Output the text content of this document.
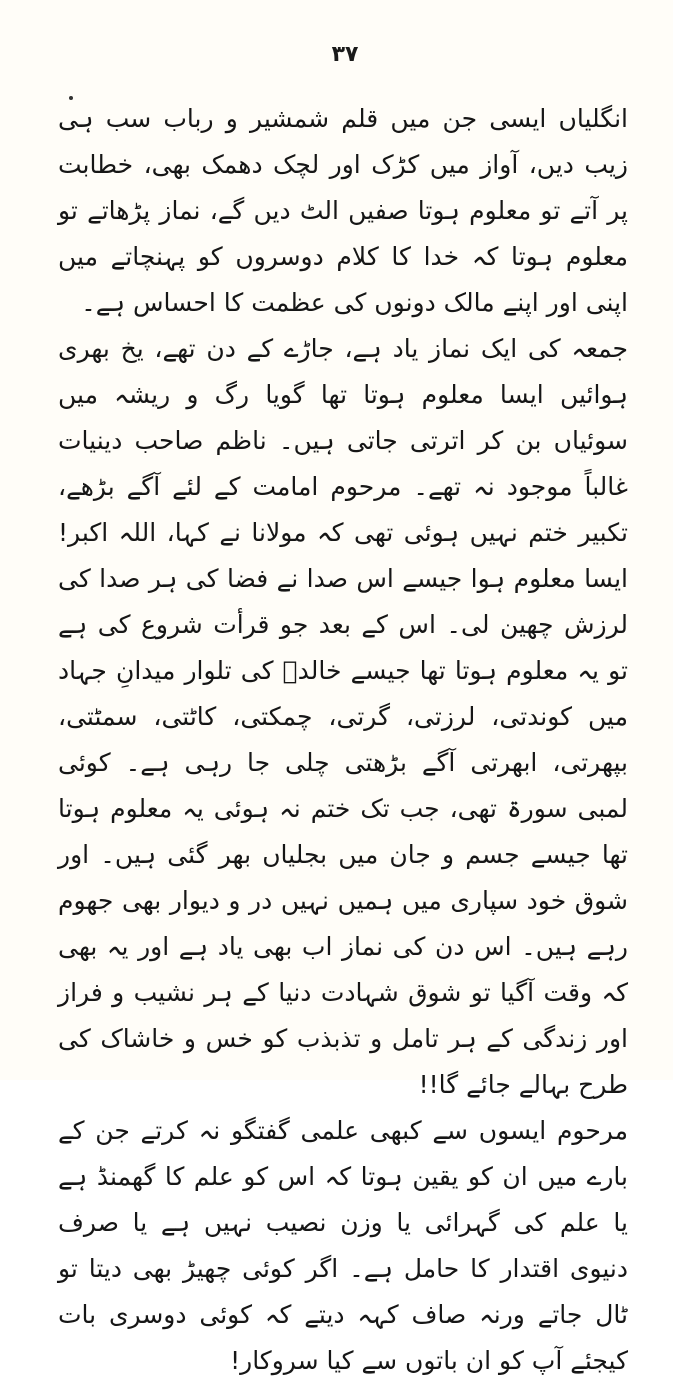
۳۷

انگلیاں ایسی جن میں قلم شمشیر و رباب سب ہی زیب دیں، آواز میں کڑک اور لچک دھمک بھی، خطابت پر آتے تو معلوم ہوتا صفیں الٹ دیں گے، نماز پڑھاتے تو معلوم ہوتا کہ خدا کا کلام دوسروں کو پہنچاتے میں اپنی اور اپنے مالک دونوں کی عظمت کا احساس ہے۔

جمعہ کی ایک نماز یاد ہے، جاڑے کے دن تھے، یخ بھری ہوائیں ایسا معلوم ہوتا تھا گویا رگ و ریشہ میں سوئیاں بن کر اترتی جاتی ہیں۔ ناظم صاحب دینیات غالباً موجود نہ تھے۔ مرحوم امامت کے لئے آگے بڑھے، تکبیر ختم نہیں ہوئی تھی کہ مولانا نے کہا، اللہ اکبر! ایسا معلوم ہوا جیسے اس صدا نے فضا کی ہر صدا کی لرزش چھین لی۔ اس کے بعد جو قرأت شروع کی ہے تو یہ معلوم ہوتا تھا جیسے خالدؓ کی تلوار میدانِ جہاد میں کوندتی، لرزتی، گرتی، چمکتی، کاٹتی، سمٹتی، بپھرتی، ابھرتی آگے بڑھتی چلی جا رہی ہے۔ کوئی لمبی سورۃ تھی، جب تک ختم نہ ہوئی یہ معلوم ہوتا تھا جیسے جسم و جان میں بجلیاں بھر گئی ہیں۔ اور شوق خود سپاری میں ہمیں نہیں در و دیوار بھی جھوم رہے ہیں۔ اس دن کی نماز اب بھی یاد ہے اور یہ بھی کہ وقت آگیا تو شوق شہادت دنیا کے ہر نشیب و فراز اور زندگی کے ہر تامل و تذبذب کو خس و خاشاک کی طرح بہالے جائے گا!!

مرحوم ایسوں سے کبھی علمی گفتگو نہ کرتے جن کے بارے میں ان کو یقین ہوتا کہ اس کو علم کا گھمنڈ ہے یا علم کی گہرائی یا وزن نصیب نہیں ہے یا صرف دنیوی اقتدار کا حامل ہے۔ اگر کوئی چھیڑ بھی دیتا تو ٹال جاتے ورنہ صاف کہہ دیتے کہ کوئی دوسری بات کیجئے آپ کو ان باتوں سے کیا سروکار!
